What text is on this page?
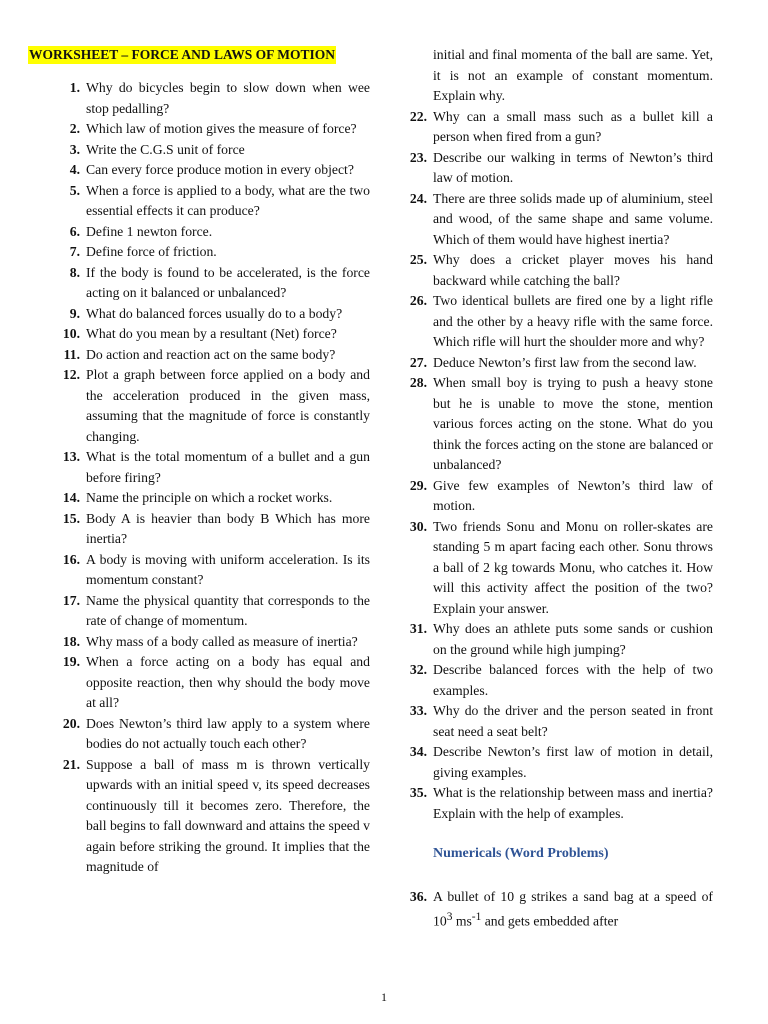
WORKSHEET – FORCE AND LAWS OF MOTION
1. Why do bicycles begin to slow down when wee stop pedalling?
2. Which law of motion gives the measure of force?
3. Write the C.G.S unit of force
4. Can every force produce motion in every object?
5. When a force is applied to a body, what are the two essential effects it can produce?
6. Define 1 newton force.
7. Define force of friction.
8. If the body is found to be accelerated, is the force acting on it balanced or unbalanced?
9. What do balanced forces usually do to a body?
10. What do you mean by a resultant (Net) force?
11. Do action and reaction act on the same body?
12. Plot a graph between force applied on a body and the acceleration produced in the given mass, assuming that the magnitude of force is constantly changing.
13. What is the total momentum of a bullet and a gun before firing?
14. Name the principle on which a rocket works.
15. Body A is heavier than body B Which has more inertia?
16. A body is moving with uniform acceleration. Is its momentum constant?
17. Name the physical quantity that corresponds to the rate of change of momentum.
18. Why mass of a body called as measure of inertia?
19. When a force acting on a body has equal and opposite reaction, then why should the body move at all?
20. Does Newton’s third law apply to a system where bodies do not actually touch each other?
21. Suppose a ball of mass m is thrown vertically upwards with an initial speed v, its speed decreases continuously till it becomes zero. Therefore, the ball begins to fall downward and attains the speed v again before striking the ground. It implies that the magnitude of
initial and final momenta of the ball are same. Yet, it is not an example of constant momentum. Explain why.
22. Why can a small mass such as a bullet kill a person when fired from a gun?
23. Describe our walking in terms of Newton’s third law of motion.
24. There are three solids made up of aluminium, steel and wood, of the same shape and same volume. Which of them would have highest inertia?
25. Why does a cricket player moves his hand backward while catching the ball?
26. Two identical bullets are fired one by a light rifle and the other by a heavy rifle with the same force. Which rifle will hurt the shoulder more and why?
27. Deduce Newton’s first law from the second law.
28. When small boy is trying to push a heavy stone but he is unable to move the stone, mention various forces acting on the stone. What do you think the forces acting on the stone are balanced or unbalanced?
29. Give few examples of Newton’s third law of motion.
30. Two friends Sonu and Monu on roller-skates are standing 5 m apart facing each other. Sonu throws a ball of 2 kg towards Monu, who catches it. How will this activity affect the position of the two? Explain your answer.
31. Why does an athlete puts some sands or cushion on the ground while high jumping?
32. Describe balanced forces with the help of two examples.
33. Why do the driver and the person seated in front seat need a seat belt?
34. Describe Newton’s first law of motion in detail, giving examples.
35. What is the relationship between mass and inertia? Explain with the help of examples.
Numericals (Word Problems)
36. A bullet of 10 g strikes a sand bag at a speed of $10^3$ $ms^{-1}$ and gets embedded after
1
